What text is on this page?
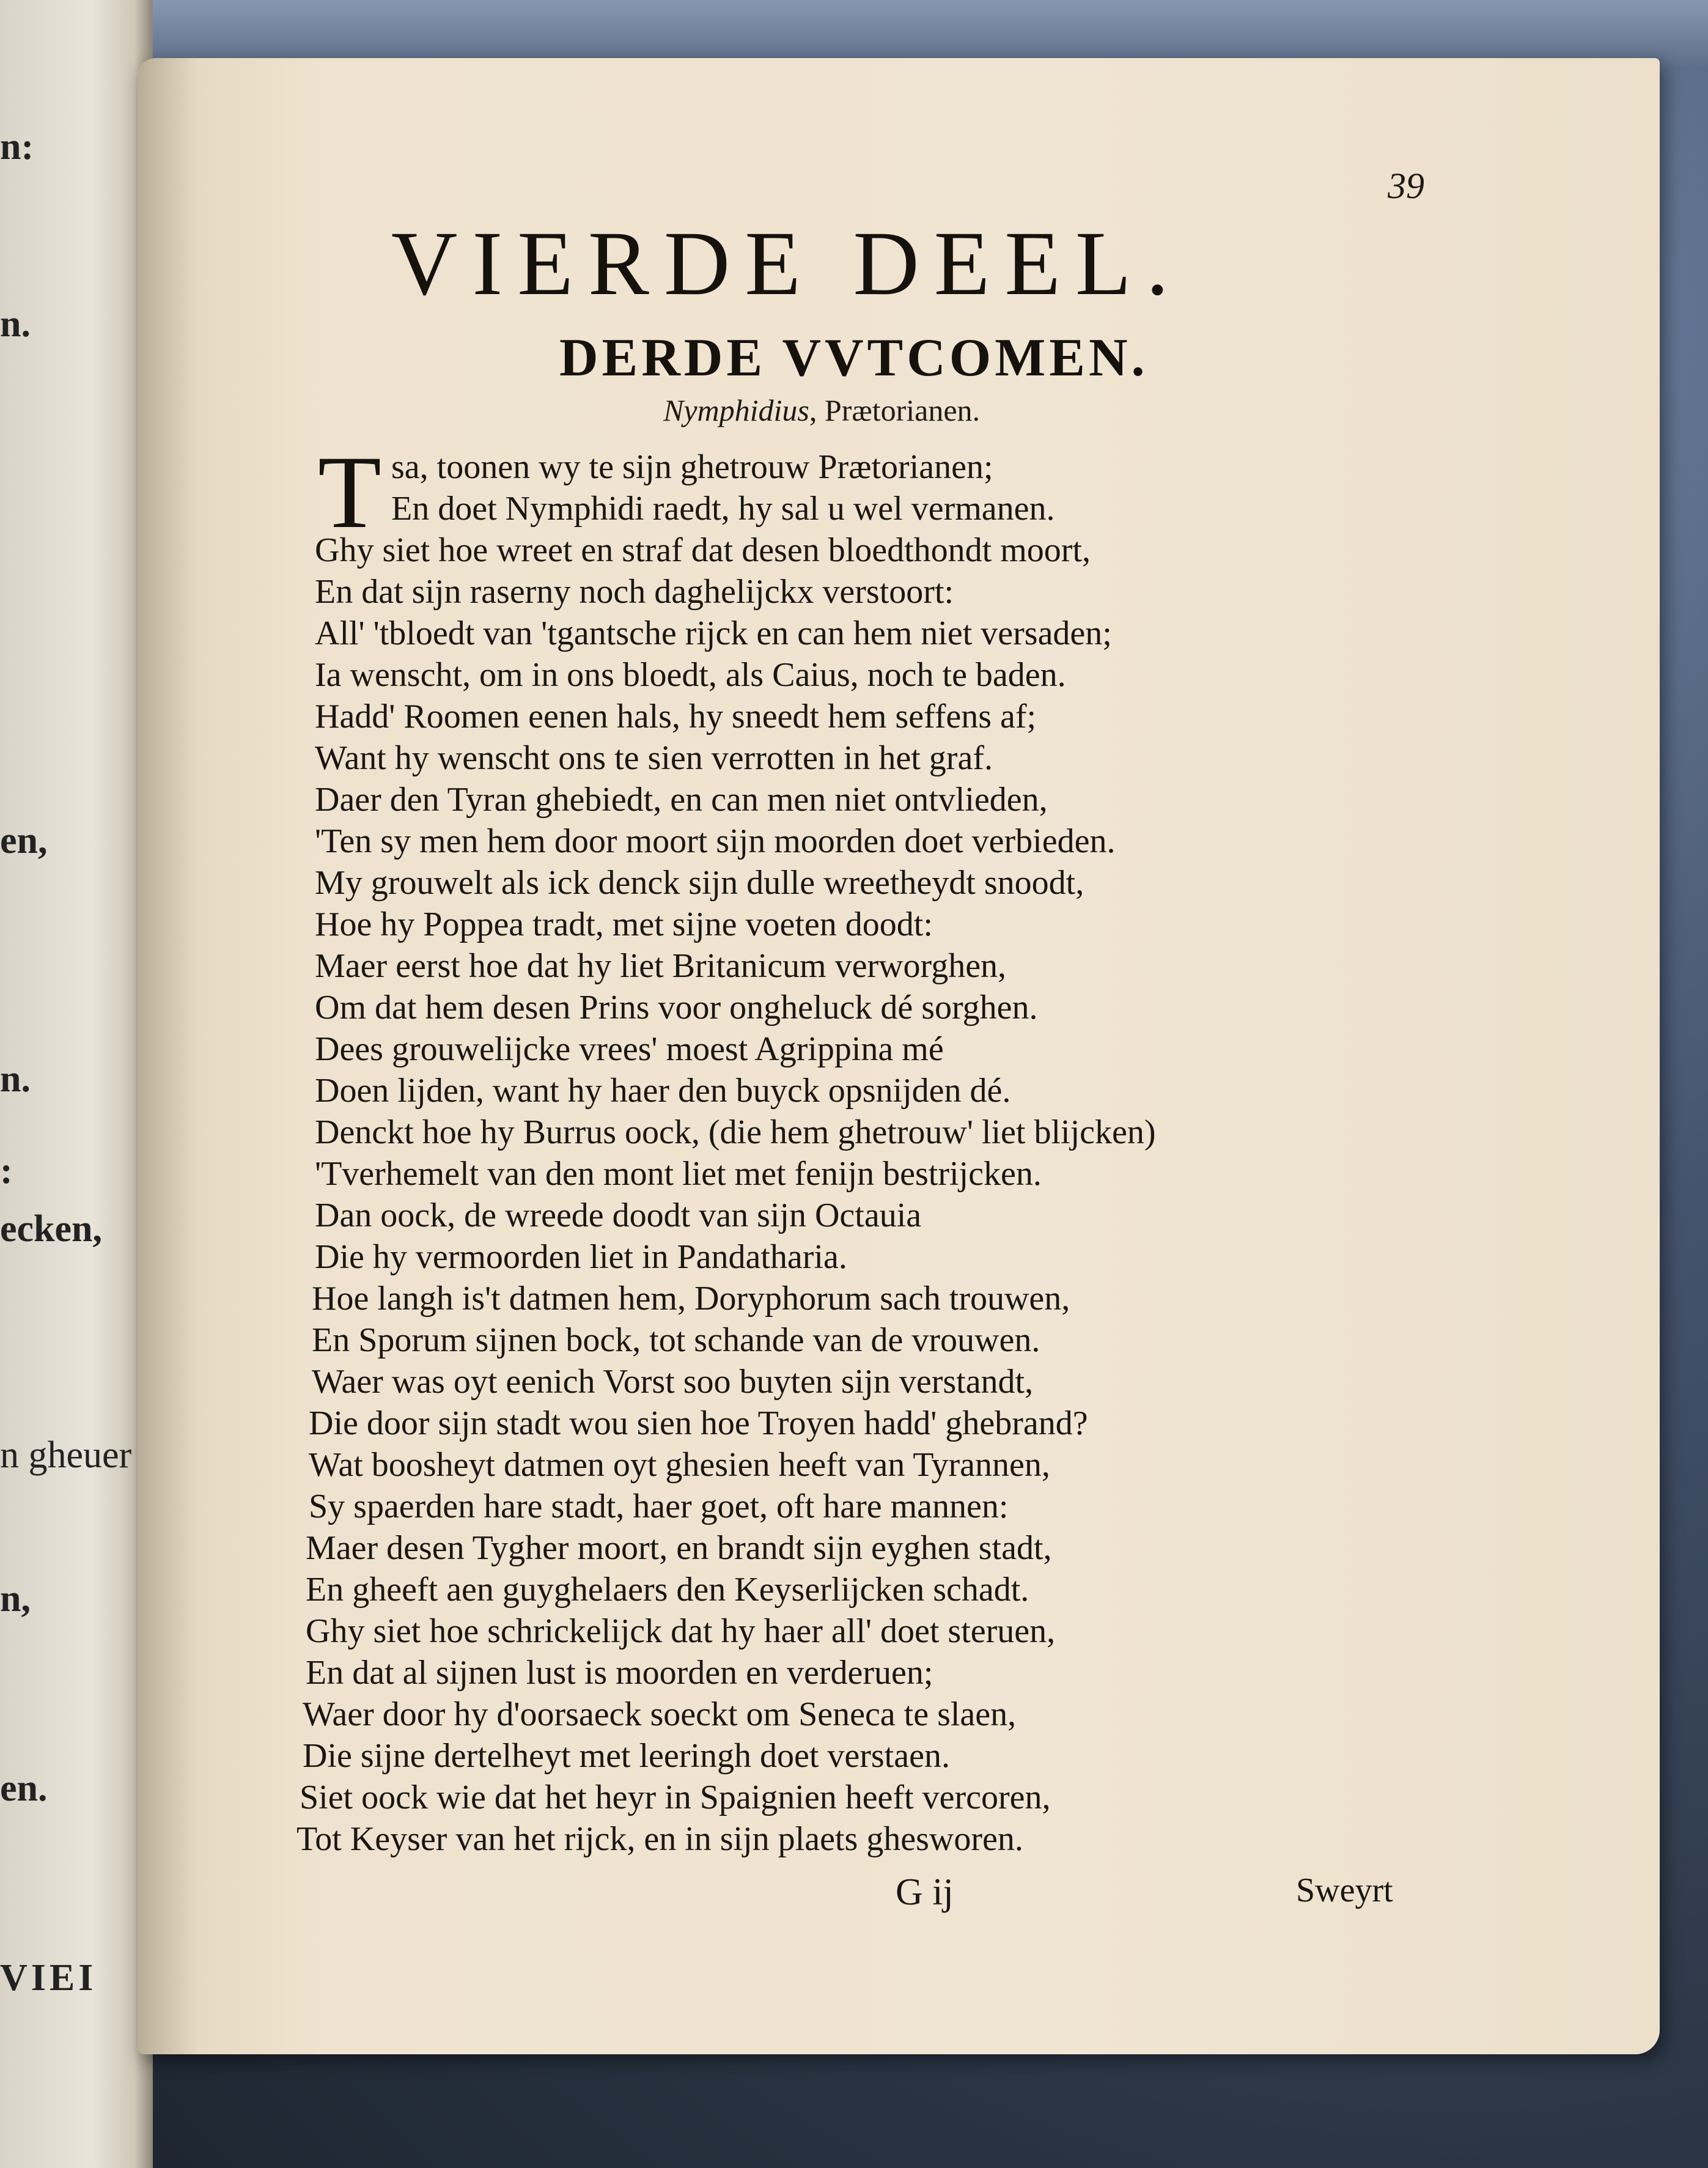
n:
n.
en,
n.
:
ecken,
n gheuer
n,
en.
VIEI
39
VIERDE DEEL.
DERDE VVTCOMEN.
Nymphidius, Prætorianen.
T sa, toonen wy te sijn ghetrouw Prætorianen;
En doet Nymphidi raedt, hy sal u wel vermanen.
Ghy siet hoe wreet en straf dat desen bloedthondt moort,
En dat sijn raserny noch daghelijckx verstoort:
All' 'tbloedt van 'tgantsche rijck en can hem niet versaden;
Ia wenscht, om in ons bloedt, als Caius, noch te baden.
Hadd' Roomen eenen hals, hy sneedt hem seffens af;
Want hy wenscht ons te sien verrotten in het graf.
Daer den Tyran ghebiedt, en can men niet ontvlieden,
'Ten sy men hem door moort sijn moorden doet verbieden.
My grouwelt als ick denck sijn dulle wreetheydt snoodt,
Hoe hy Poppea tradt, met sijne voeten doodt:
Maer eerst hoe dat hy liet Britanicum verworghen,
Om dat hem desen Prins voor ongheluck dé sorghen.
Dees grouwelijcke vrees' moest Agrippina mé
Doen lijden, want hy haer den buyck opsnijden dé.
Denckt hoe hy Burrus oock, (die hem ghetrouw' liet blijcken)
'Tverhemelt van den mont liet met fenijn bestrijcken.
Dan oock, de wreede doodt van sijn Octauia
Die hy vermoorden liet in Pandatharia.
Hoe langh is't datmen hem, Doryphorum sach trouwen,
En Sporum sijnen bock, tot schande van de vrouwen.
Waer was oyt eenich Vorst soo buyten sijn verstandt,
Die door sijn stadt wou sien hoe Troyen hadd' ghebrand?
Wat boosheyt datmen oyt ghesien heeft van Tyrannen,
Sy spaerden hare stadt, haer goet, oft hare mannen:
Maer desen Tygher moort, en brandt sijn eyghen stadt,
En gheeft aen guyghelaers den Keyserlijcken schadt.
Ghy siet hoe schrickelijck dat hy haer all' doet steruen,
En dat al sijnen lust is moorden en verderuen;
Waer door hy d'oorsaeck soeckt om Seneca te slaen,
Die sijne dertelheyt met leeringh doet verstaen.
Siet oock wie dat het heyr in Spaignien heeft vercoren,
Tot Keyser van het rijck, en in sijn plaets ghesworen.
G ij	Sweyrt
